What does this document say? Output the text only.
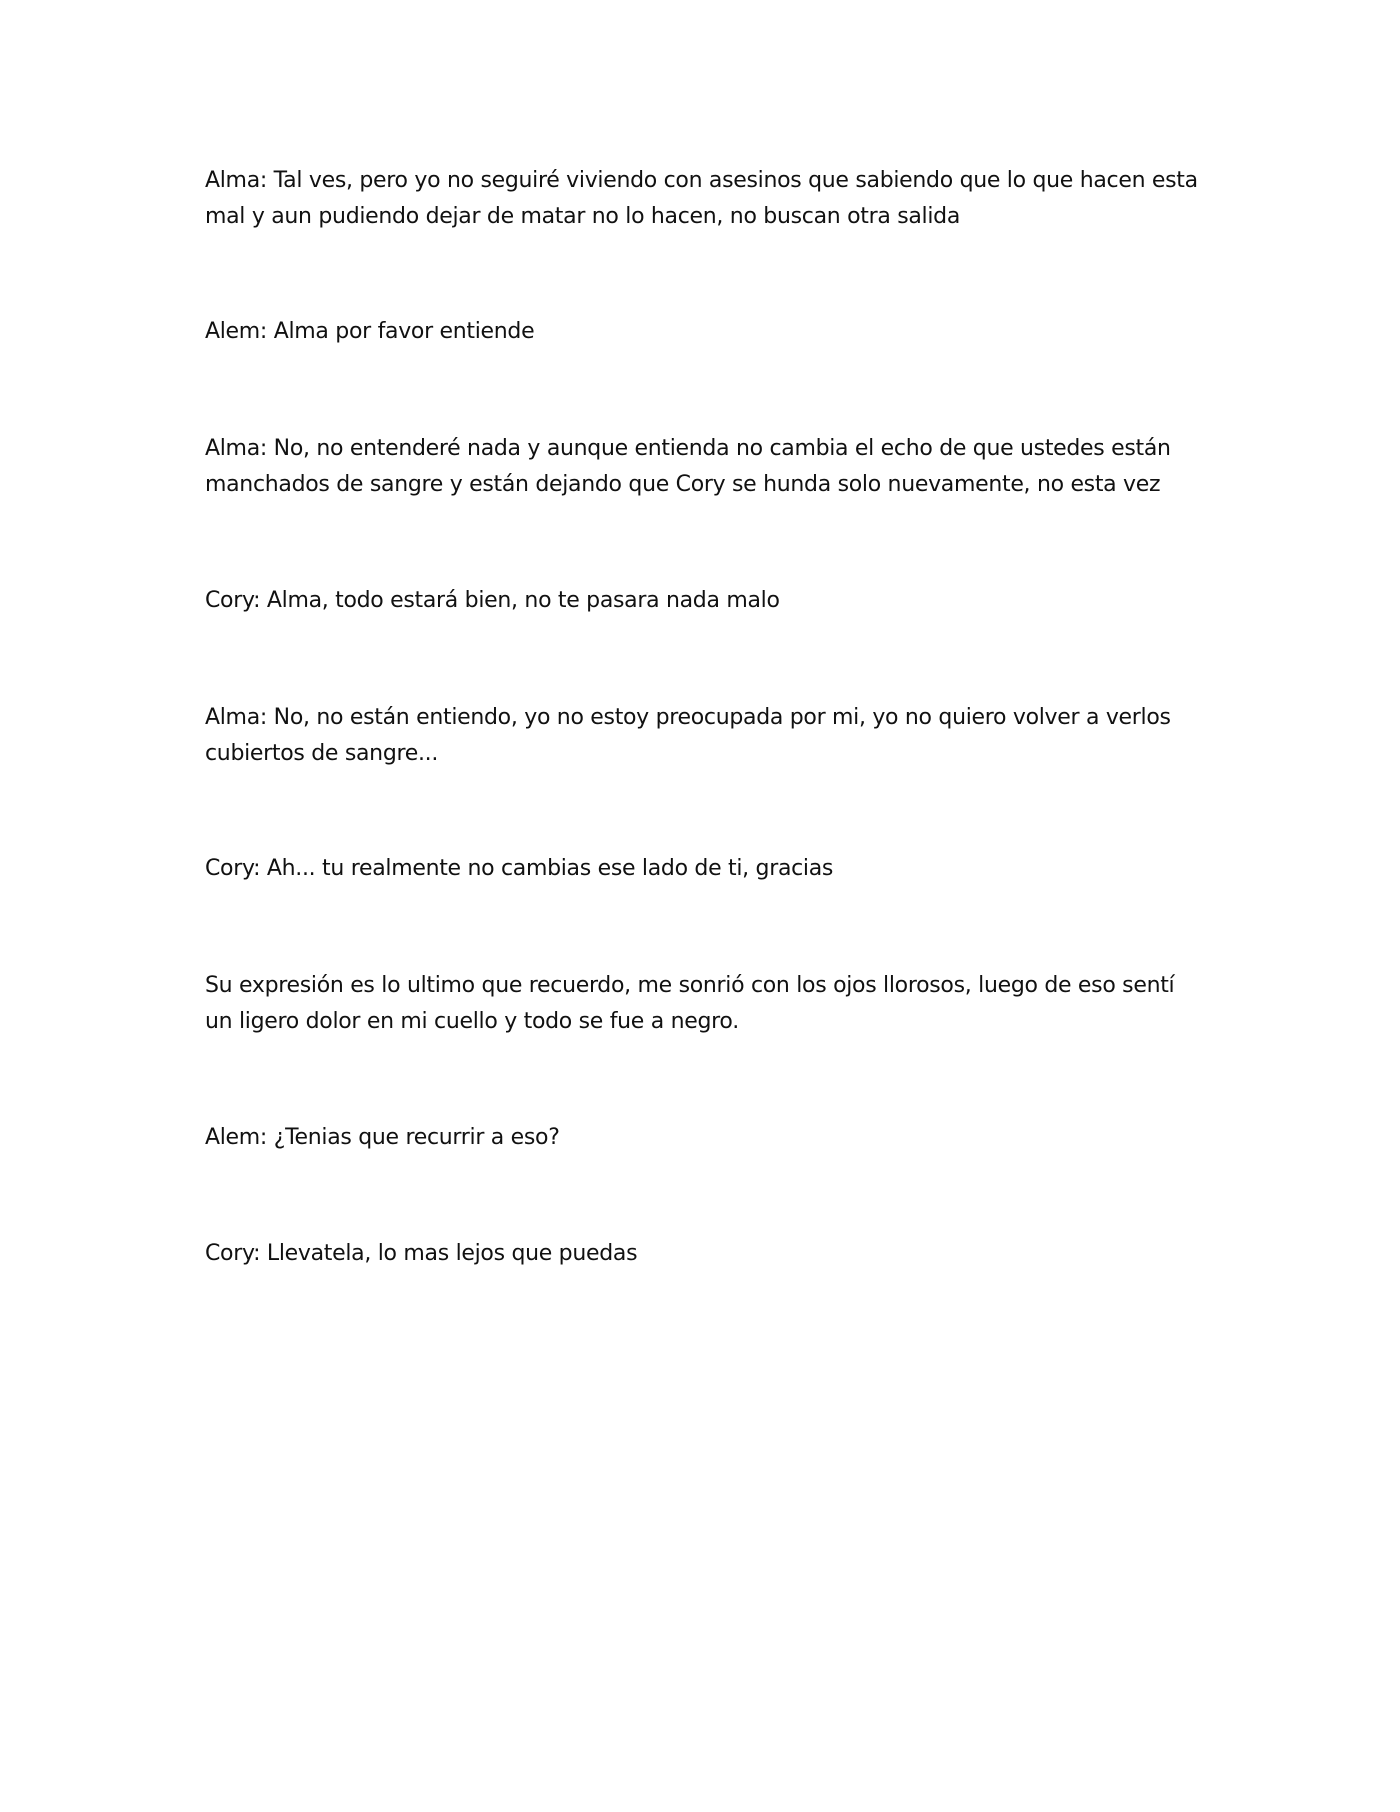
Alma: Tal ves, pero yo no seguiré viviendo con asesinos que sabiendo que lo que hacen esta mal y aun pudiendo dejar de matar no lo hacen, no buscan otra salida

Alem: Alma por favor entiende

Alma: No, no entenderé nada y aunque entienda no cambia el echo de que ustedes están manchados de sangre y están dejando que Cory se hunda solo nuevamente, no esta vez

Cory: Alma, todo estará bien, no te pasara nada malo

Alma: No, no están entiendo, yo no estoy preocupada por mi, yo no quiero volver a verlos cubiertos de sangre...

Cory: Ah... tu realmente no cambias ese lado de ti, gracias

Su expresión es lo ultimo que recuerdo, me sonrió con los ojos llorosos, luego de eso sentí un ligero dolor en mi cuello y todo se fue a negro.

Alem: ¿Tenias que recurrir a eso?

Cory: Llevatela, lo mas lejos que puedas
